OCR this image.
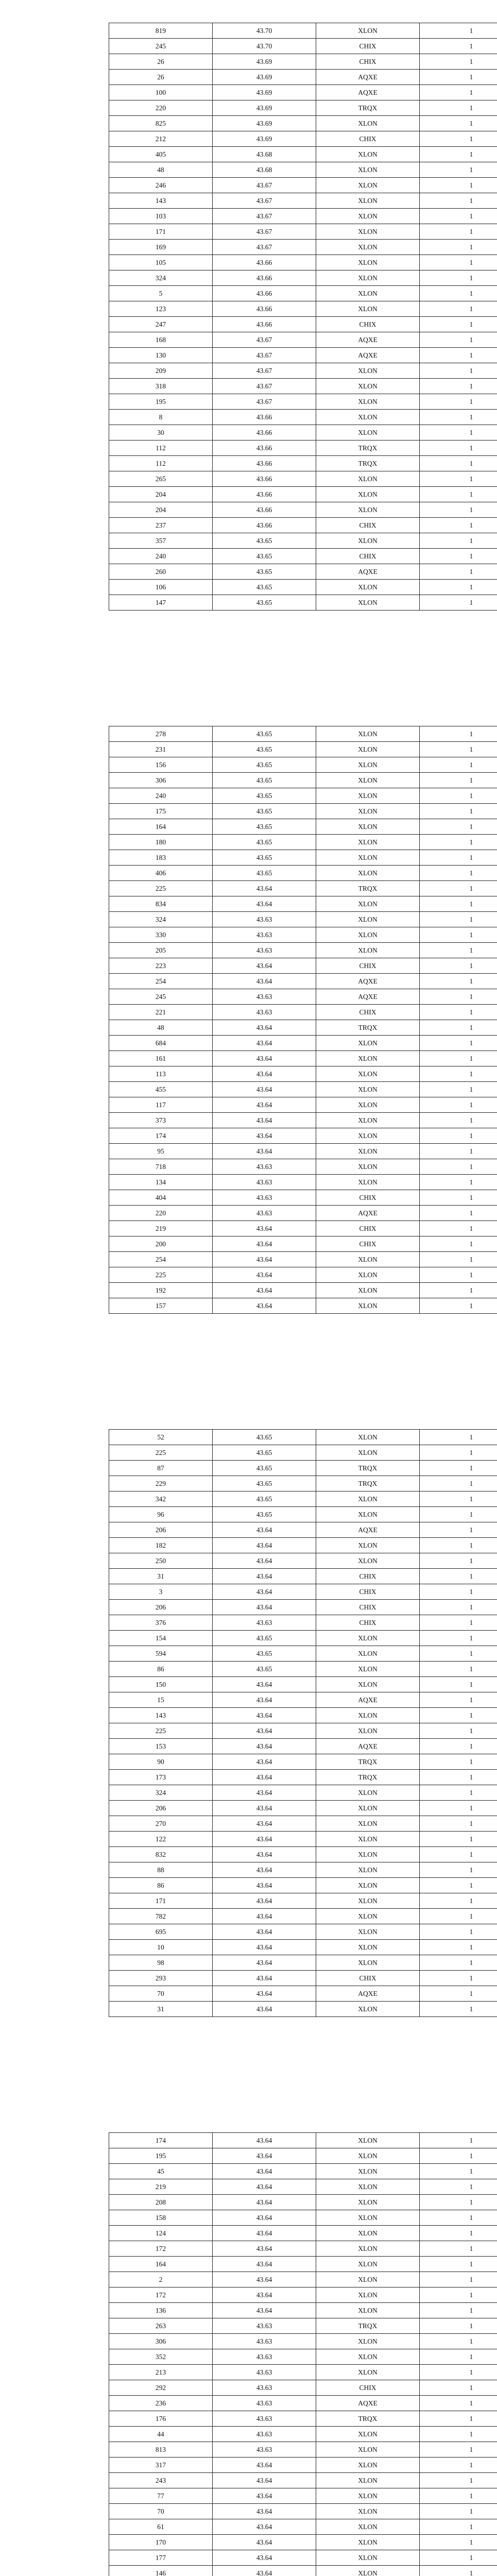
819	43.70	XLON	1
245	43.70	CHIX	1
26	43.69	CHIX	1
26	43.69	AQXE	1
100	43.69	AQXE	1
220	43.69	TRQX	1
825	43.69	XLON	1
212	43.69	CHIX	1
405	43.68	XLON	1
48	43.68	XLON	1
246	43.67	XLON	1
143	43.67	XLON	1
103	43.67	XLON	1
171	43.67	XLON	1
169	43.67	XLON	1
105	43.66	XLON	1
324	43.66	XLON	1
5	43.66	XLON	1
123	43.66	XLON	1
247	43.66	CHIX	1
168	43.67	AQXE	1
130	43.67	AQXE	1
209	43.67	XLON	1
318	43.67	XLON	1
195	43.67	XLON	1
8	43.66	XLON	1
30	43.66	XLON	1
112	43.66	TRQX	1
112	43.66	TRQX	1
265	43.66	XLON	1
204	43.66	XLON	1
204	43.66	XLON	1
237	43.66	CHIX	1
357	43.65	XLON	1
240	43.65	CHIX	1
260	43.65	AQXE	1
106	43.65	XLON	1
147	43.65	XLON	1
278	43.65	XLON	1
231	43.65	XLON	1
156	43.65	XLON	1
306	43.65	XLON	1
240	43.65	XLON	1
175	43.65	XLON	1
164	43.65	XLON	1
180	43.65	XLON	1
183	43.65	XLON	1
406	43.65	XLON	1
225	43.64	TRQX	1
834	43.64	XLON	1
324	43.63	XLON	1
330	43.63	XLON	1
205	43.63	XLON	1
223	43.64	CHIX	1
254	43.64	AQXE	1
245	43.63	AQXE	1
221	43.63	CHIX	1
48	43.64	TRQX	1
684	43.64	XLON	1
161	43.64	XLON	1
113	43.64	XLON	1
455	43.64	XLON	1
117	43.64	XLON	1
373	43.64	XLON	1
174	43.64	XLON	1
95	43.64	XLON	1
718	43.63	XLON	1
134	43.63	XLON	1
404	43.63	CHIX	1
220	43.63	AQXE	1
219	43.64	CHIX	1
200	43.64	CHIX	1
254	43.64	XLON	1
225	43.64	XLON	1
192	43.64	XLON	1
157	43.64	XLON	1
52	43.65	XLON	1
225	43.65	XLON	1
87	43.65	TRQX	1
229	43.65	TRQX	1
342	43.65	XLON	1
96	43.65	XLON	1
206	43.64	AQXE	1
182	43.64	XLON	1
250	43.64	XLON	1
31	43.64	CHIX	1
3	43.64	CHIX	1
206	43.64	CHIX	1
376	43.63	CHIX	1
154	43.65	XLON	1
594	43.65	XLON	1
86	43.65	XLON	1
150	43.64	XLON	1
15	43.64	AQXE	1
143	43.64	XLON	1
225	43.64	XLON	1
153	43.64	AQXE	1
90	43.64	TRQX	1
173	43.64	TRQX	1
324	43.64	XLON	1
206	43.64	XLON	1
270	43.64	XLON	1
122	43.64	XLON	1
832	43.64	XLON	1
88	43.64	XLON	1
86	43.64	XLON	1
171	43.64	XLON	1
782	43.64	XLON	1
695	43.64	XLON	1
10	43.64	XLON	1
98	43.64	XLON	1
293	43.64	CHIX	1
70	43.64	AQXE	1
31	43.64	XLON	1
174	43.64	XLON	1
195	43.64	XLON	1
45	43.64	XLON	1
219	43.64	XLON	1
208	43.64	XLON	1
158	43.64	XLON	1
124	43.64	XLON	1
172	43.64	XLON	1
164	43.64	XLON	1
2	43.64	XLON	1
172	43.64	XLON	1
136	43.64	XLON	1
263	43.63	TRQX	1
306	43.63	XLON	1
352	43.63	XLON	1
213	43.63	XLON	1
292	43.63	CHIX	1
236	43.63	AQXE	1
176	43.63	TRQX	1
44	43.63	XLON	1
813	43.63	XLON	1
317	43.64	XLON	1
243	43.64	XLON	1
77	43.64	XLON	1
70	43.64	XLON	1
61	43.64	XLON	1
170	43.64	XLON	1
177	43.64	XLON	1
146	43.64	XLON	1
